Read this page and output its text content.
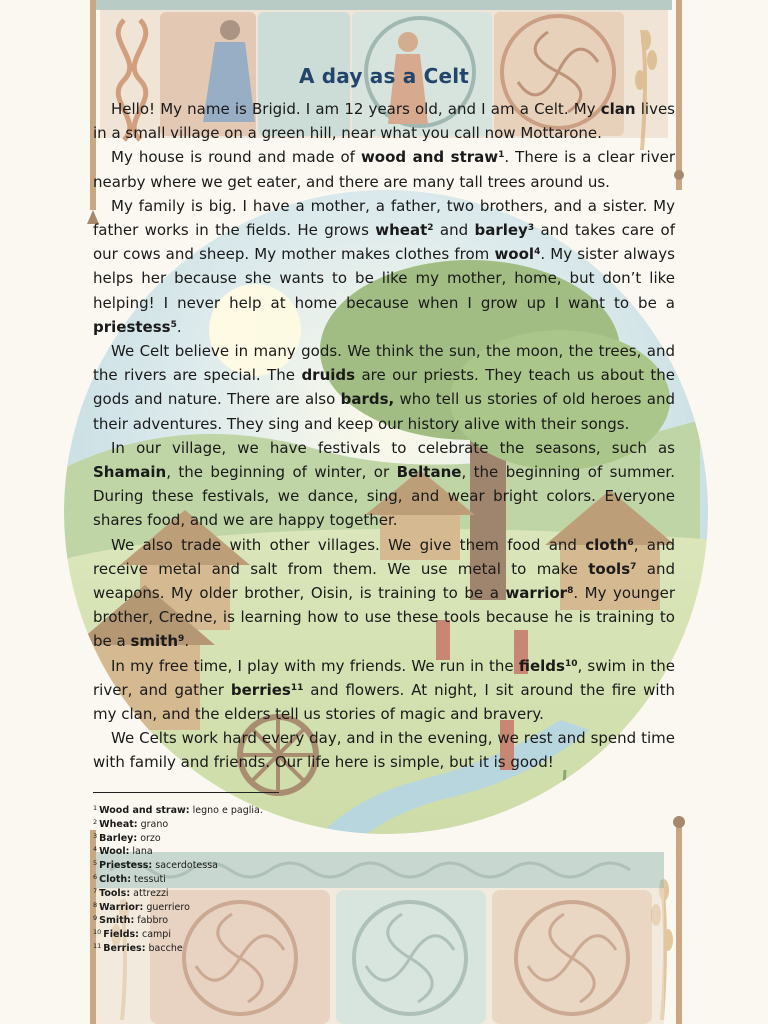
A day as a Celt

Hello! My name is Brigid. I am 12 years old, and I am a Celt. My clan lives in a small village on a green hill, near what you call now Mottarone.

My house is round and made of wood and straw$^1$. There is a clear river nearby where we get eater, and there are many tall trees around us.

My family is big. I have a mother, a father, two brothers, and a sister. My father works in the fields. He grows wheat$^2$ and barley$^3$ and takes care of our cows and sheep. My mother makes clothes from wool$^4$. My sister always helps her because she wants to be like my mother, home, but don’t like helping! I never help at home because when I grow up I want to be a priestess$^5$.

We Celt believe in many gods. We think the sun, the moon, the trees, and the rivers are special. The druids are our priests. They teach us about the gods and nature. There are also bards, who tell us stories of old heroes and their adventures. They sing and keep our history alive with their songs.

In our village, we have festivals to celebrate the seasons, such as Shamain, the beginning of winter, or Beltane, the beginning of summer. During these festivals, we dance, sing, and wear bright colors. Everyone shares food, and we are happy together.

We also trade with other villages. We give them food and cloth$^6$, and receive metal and salt from them. We use metal to make tools$^7$ and weapons. My older brother, Oisin, is training to be a warrior$^8$. My younger brother, Credne, is learning how to use these tools because he is training to be a smith$^9$.

In my free time, I play with my friends. We run in the fields$^{10}$, swim in the river, and gather berries$^{11}$ and flowers. At night, I sit around the fire with my clan, and the elders tell us stories of magic and bravery.

We Celts work hard every day, and in the evening, we rest and spend time with family and friends. Our life here is simple, but it is good!

$^1$ Wood and straw: legno e paglia.
$^2$ Wheat: grano
$^3$ Barley: orzo
$^4$ Wool: lana
$^5$ Priestess: sacerdotessa
$^6$ Cloth: tessuti
$^7$ Tools: attrezzi
$^8$ Warrior: guerriero
$^9$ Smith: fabbro
$^{10}$ Fields: campi
$^{11}$ Berries: bacche
